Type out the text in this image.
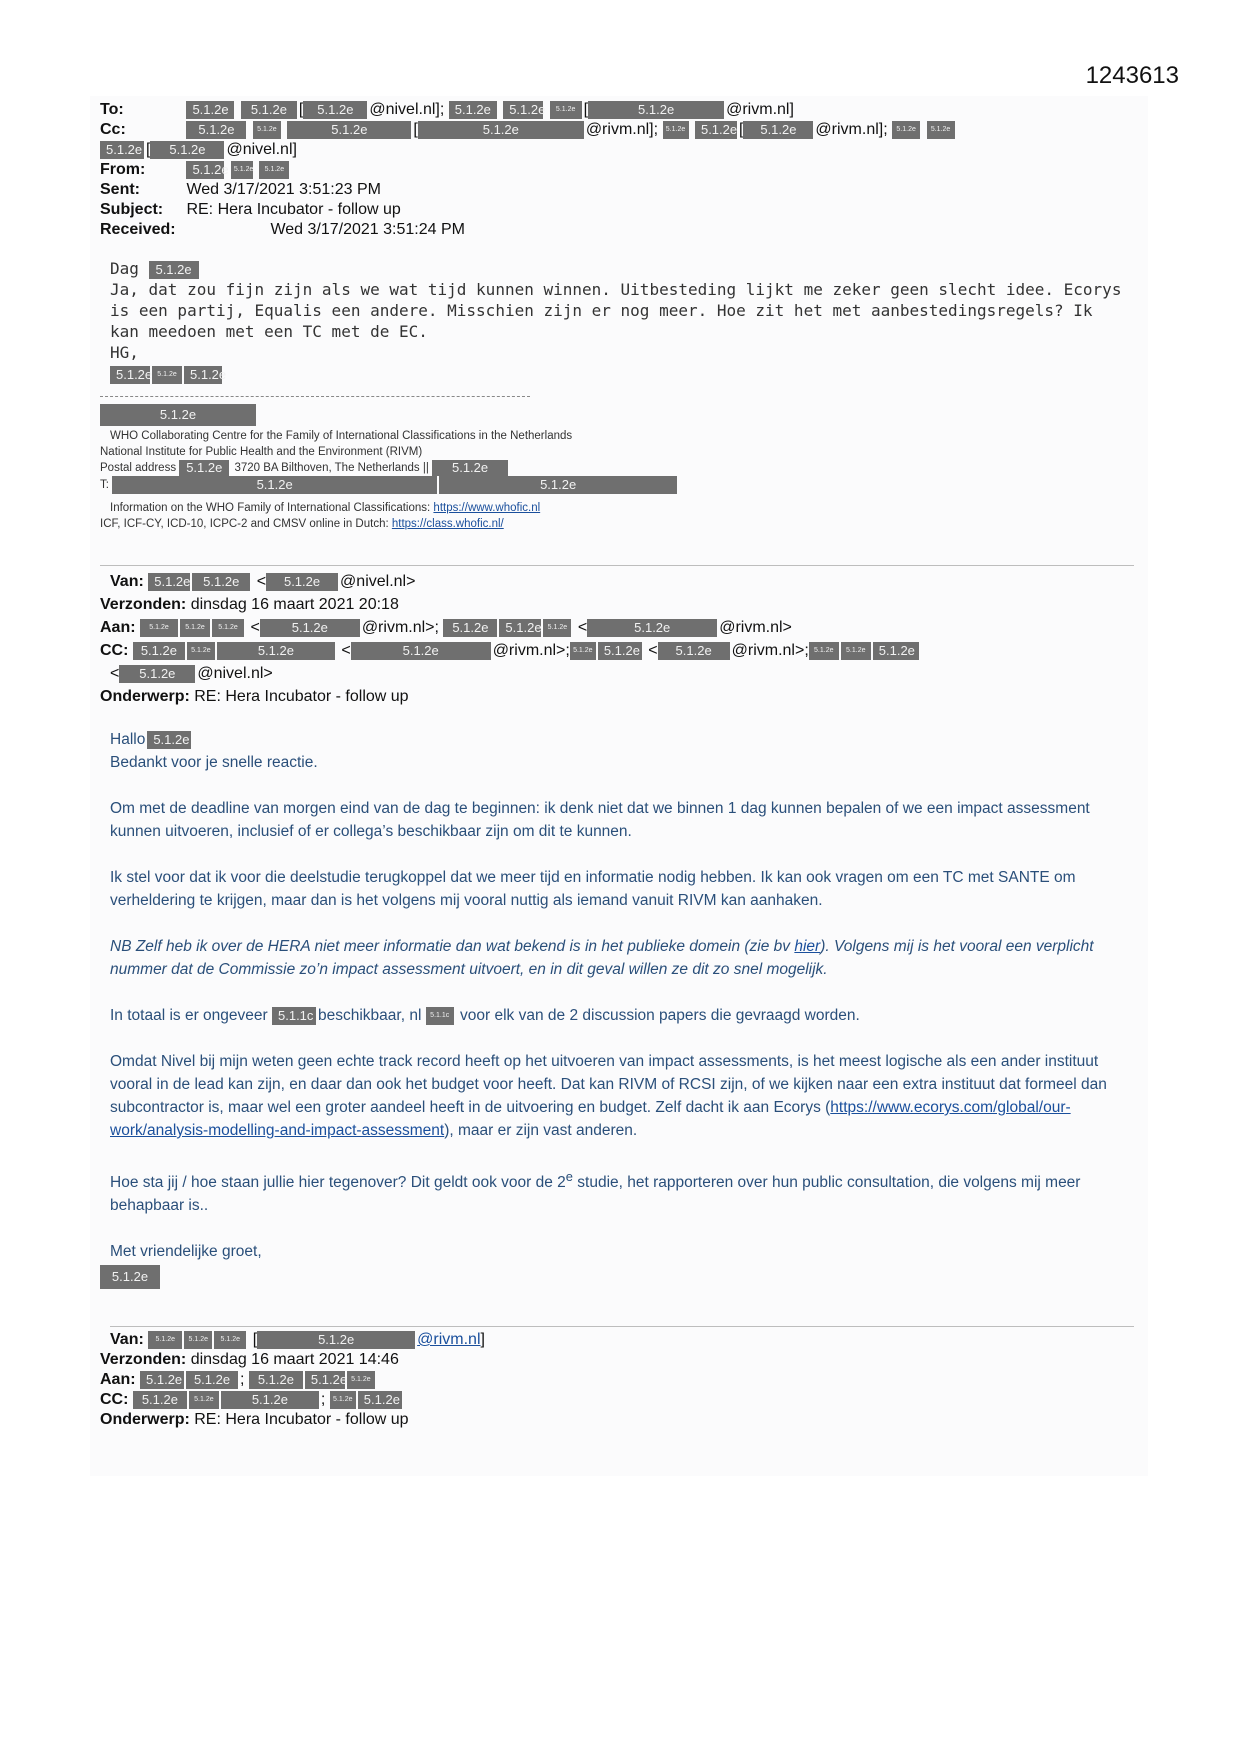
1243613
To:	5.1.2e 5.1.2e [ 5.1.2e @nivel.nl]; 5.1.2e 5.1.2e 5.1.2e [	5.1.2e	@rivm.nl]
Cc:	5.1.2e	5.1.2e	5.1.2e	[	5.1.2e	@rivm.nl]; 5.1.2e 5.1.2e [ 5.1.2e @rivm.nl]; 5.1.2e 5.1.2e
5.1.2e [ 5.1.2e @nivel.nl]
From:	5.1.2e 5.1.2e 5.1.2e
Sent:	Wed 3/17/2021 3:51:23 PM
Subject: RE: Hera Incubator - follow up
Received:	Wed 3/17/2021 3:51:24 PM
Dag 5.1.2e
Ja, dat zou fijn zijn als we wat tijd kunnen winnen. Uitbesteding lijkt me zeker geen slecht idee. Ecorys is een partij, Equalis een andere. Misschien zijn er nog meer. Hoe zit het met aanbestedingsregels? Ik kan meedoen met een TC met de EC.
HG,
5.1.2e 5.1.2e 5.1.2e
5.1.2e
WHO Collaborating Centre for the Family of International Classifications in the Netherlands
National Institute for Public Health and the Environment (RIVM)
Postal address 5.1.2e 3720 BA Bilthoven, The Netherlands || 5.1.2e
T:	5.1.2e	5.1.2e
Information on the WHO Family of International Classifications: https://www.whofic.nl
ICF, ICF-CY, ICD-10, ICPC-2 and CMSV online in Dutch: https://class.whofic.nl/
Van: 5.1.2e 5.1.2e < 5.1.2e @nivel.nl>
Verzonden: dinsdag 16 maart 2021 20:18
Aan: 5.1.2e 5.1.2e 5.1.2e < 5.1.2e @rivm.nl>; 5.1.2e 5.1.2e 5.1.2e <	5.1.2e	@rivm.nl>
CC: 5.1.2e 5.1.2e	5.1.2e	<	5.1.2e	@rivm.nl>; 5.1.2e 5.1.2e < 5.1.2e @rivm.nl>; 5.1.2e 5.1.2e 5.1.2e
< 5.1.2e @nivel.nl>
Onderwerp: RE: Hera Incubator - follow up
Hallo 5.1.2e

Bedankt voor je snelle reactie.

Om met de deadline van morgen eind van de dag te beginnen: ik denk niet dat we binnen 1 dag kunnen bepalen of we een impact assessment kunnen uitvoeren, inclusief of er collega’s beschikbaar zijn om dit te kunnen.

Ik stel voor dat ik voor die deelstudie terugkoppel dat we meer tijd en informatie nodig hebben. Ik kan ook vragen om een TC met SANTE om verheldering te krijgen, maar dan is het volgens mij vooral nuttig als iemand vanuit RIVM kan aanhaken.

NB Zelf heb ik over de HERA niet meer informatie dan wat bekend is in het publieke domein (zie bv hier). Volgens mij is het vooral een verplicht nummer dat de Commissie zo’n impact assessment uitvoert, en in dit geval willen ze dit zo snel mogelijk.

In totaal is er ongeveer 5.1.1c beschikbaar, nl 5.1.1c voor elk van de 2 discussion papers die gevraagd worden.

Omdat Nivel bij mijn weten geen echte track record heeft op het uitvoeren van impact assessments, is het meest logische als een ander instituut vooral in de lead kan zijn, en daar dan ook het budget voor heeft. Dat kan RIVM of RCSI zijn, of we kijken naar een extra instituut dat formeel dan subcontractor is, maar wel een groter aandeel heeft in de uitvoering en budget. Zelf dacht ik aan Ecorys (https://www.ecorys.com/global/our-work/analysis-modelling-and-impact-assessment), maar er zijn vast anderen.

Hoe sta jij / hoe staan jullie hier tegenover? Dit geldt ook voor de 2e studie, het rapporteren over hun public consultation, die volgens mij meer behapbaar is..

Met vriendelijke groet,
5.1.2e
Van: 5.1.2e 5.1.2e 5.1.2e [	5.1.2e	@rivm.nl]
Verzonden: dinsdag 16 maart 2021 14:46
Aan: 5.1.2e 5.1.2e ; 5.1.2e 5.1.2e 5.1.2e
CC: 5.1.2e 5.1.2e	5.1.2e ; 5.1.2e 5.1.2e
Onderwerp: RE: Hera Incubator - follow up
